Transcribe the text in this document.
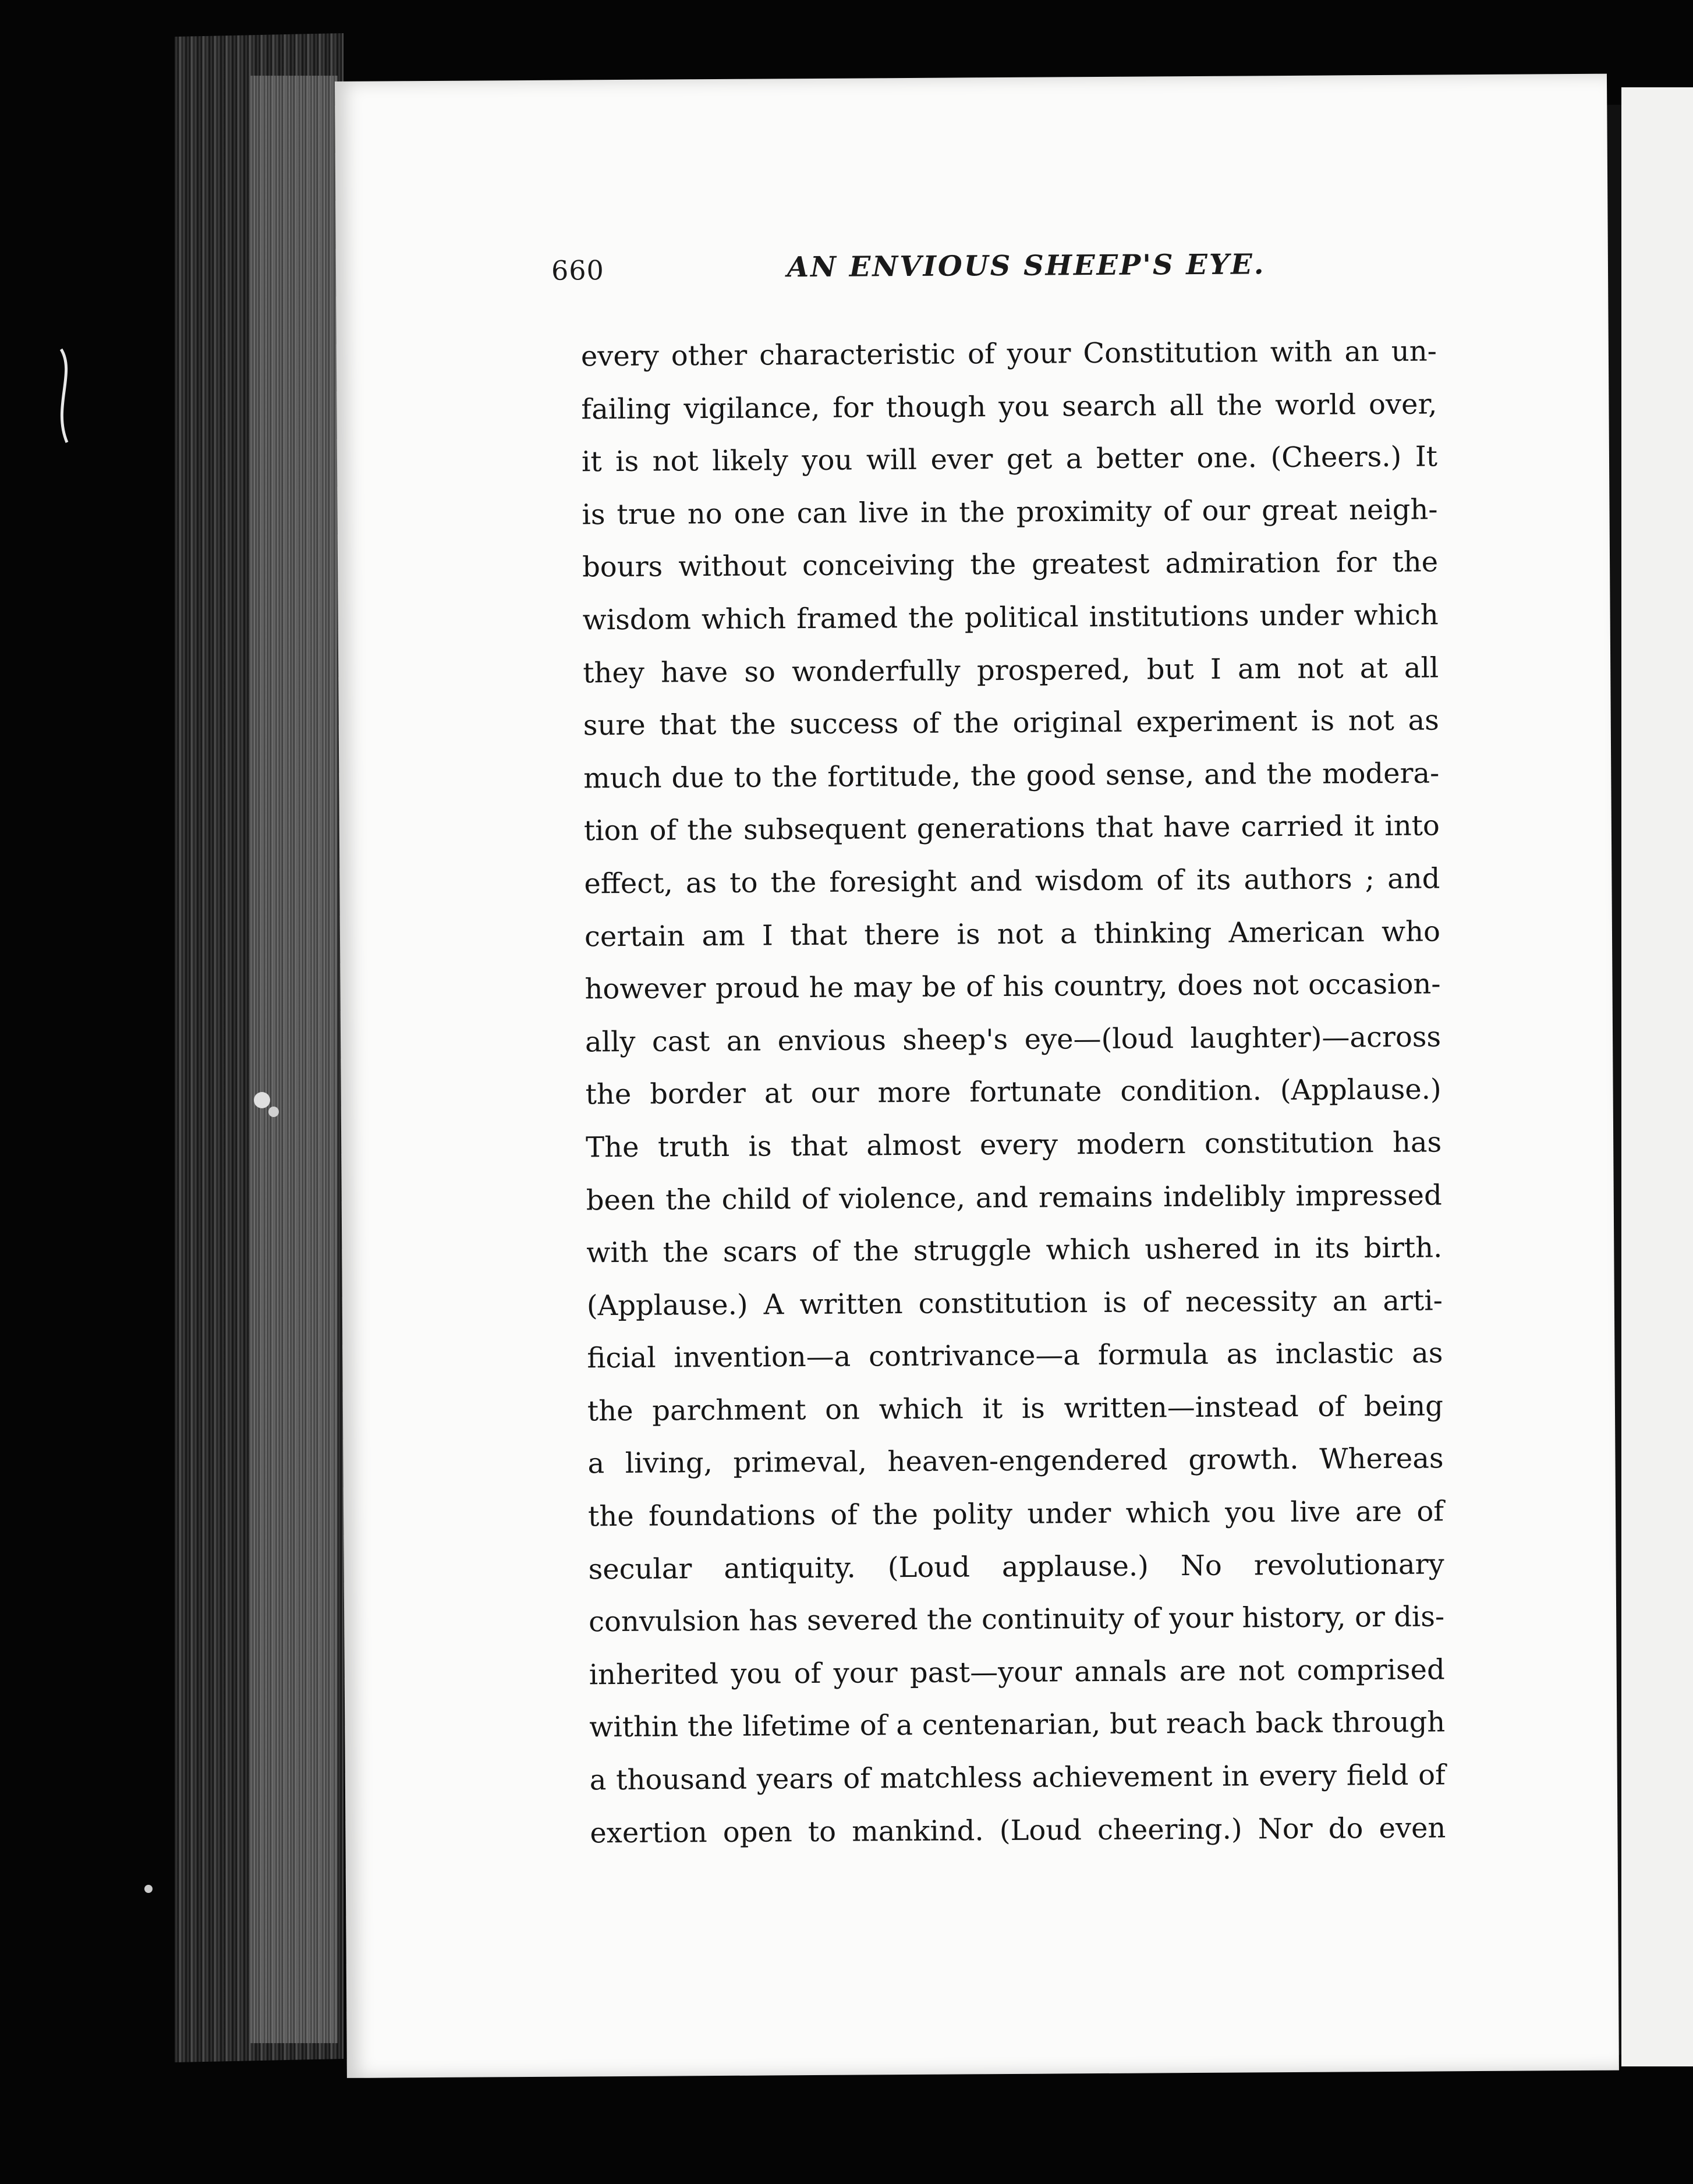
660	AN ENVIOUS SHEEP'S EYE.
every other characteristic of your Constitution with an un-
failing vigilance, for though you search all the world over,
it is not likely you will ever get a better one. (Cheers.) It
is true no one can live in the proximity of our great neigh-
bours without conceiving the greatest admiration for the
wisdom which framed the political institutions under which
they have so wonderfully prospered, but I am not at all
sure that the success of the original experiment is not as
much due to the fortitude, the good sense, and the modera-
tion of the subsequent generations that have carried it into
effect, as to the foresight and wisdom of its authors ; and
certain am I that there is not a thinking American who
however proud he may be of his country, does not occasion-
ally cast an envious sheep's eye—(loud laughter)—across
the border at our more fortunate condition. (Applause.)
The truth is that almost every modern constitution has
been the child of violence, and remains indelibly impressed
with the scars of the struggle which ushered in its birth.
(Applause.) A written constitution is of necessity an arti-
ficial invention—a contrivance—a formula as inclastic as
the parchment on which it is written—instead of being
a living, primeval, heaven-engendered growth. Whereas
the foundations of the polity under which you live are of
secular antiquity. (Loud applause.) No revolutionary
convulsion has severed the continuity of your history, or dis-
inherited you of your past—your annals are not comprised
within the lifetime of a centenarian, but reach back through
a thousand years of matchless achievement in every field of
exertion open to mankind. (Loud cheering.) Nor do even
